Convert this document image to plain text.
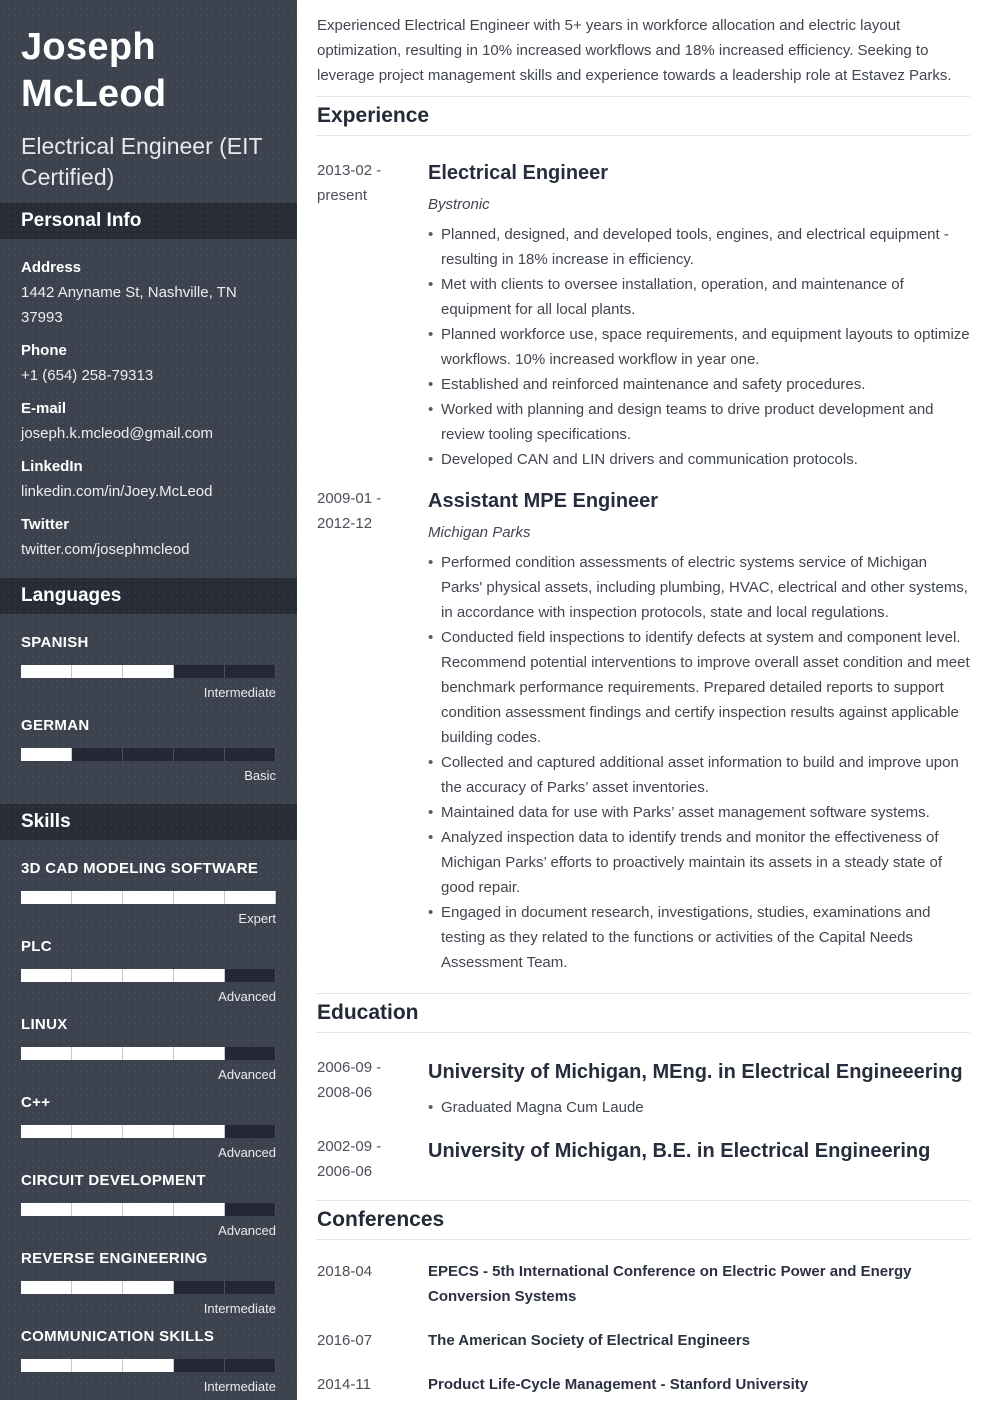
Joseph McLeod
Electrical Engineer (EIT Certified)
Personal Info
Address
1442 Anyname St, Nashville, TN 37993
Phone
+1 (654) 258-79313
E-mail
joseph.k.mcleod@gmail.com
LinkedIn
linkedin.com/in/Joey.McLeod
Twitter
twitter.com/josephmcleod
Languages
SPANISH
Intermediate
GERMAN
Basic
Skills
3D CAD MODELING SOFTWARE
Expert
PLC
Advanced
LINUX
Advanced
C++
Advanced
CIRCUIT DEVELOPMENT
Advanced
REVERSE ENGINEERING
Intermediate
COMMUNICATION SKILLS
Intermediate

Experienced Electrical Engineer with 5+ years in workforce allocation and electric layout optimization, resulting in 10% increased workflows and 18% increased efficiency. Seeking to leverage project management skills and experience towards a leadership role at Estavez Parks.

Experience
2013-02 -
present
Electrical Engineer
Bystronic
• Planned, designed, and developed tools, engines, and electrical equipment - resulting in 18% increase in efficiency.
• Met with clients to oversee installation, operation, and maintenance of equipment for all local plants.
• Planned workforce use, space requirements, and equipment layouts to optimize workflows. 10% increased workflow in year one.
• Established and reinforced maintenance and safety procedures.
• Worked with planning and design teams to drive product development and review tooling specifications.
• Developed CAN and LIN drivers and communication protocols.
2009-01 -
2012-12
Assistant MPE Engineer
Michigan Parks
• Performed condition assessments of electric systems service of Michigan Parks' physical assets, including plumbing, HVAC, electrical and other systems, in accordance with inspection protocols, state and local regulations.
• Conducted field inspections to identify defects at system and component level. Recommend potential interventions to improve overall asset condition and meet benchmark performance requirements. Prepared detailed reports to support condition assessment findings and certify inspection results against applicable building codes.
• Collected and captured additional asset information to build and improve upon the accuracy of Parks’ asset inventories.
• Maintained data for use with Parks’ asset management software systems.
• Analyzed inspection data to identify trends and monitor the effectiveness of Michigan Parks’ efforts to proactively maintain its assets in a steady state of good repair.
• Engaged in document research, investigations, studies, examinations and testing as they related to the functions or activities of the Capital Needs Assessment Team.
Education
2006-09 -
2008-06
University of Michigan, MEng. in Electrical Engineeering
• Graduated Magna Cum Laude
2002-09 -
2006-06
University of Michigan, B.E. in Electrical Engineering
Conferences
2018-04	EPECS - 5th International Conference on Electric Power and Energy Conversion Systems
2016-07	The American Society of Electrical Engineers
2014-11	Product Life-Cycle Management - Stanford University
